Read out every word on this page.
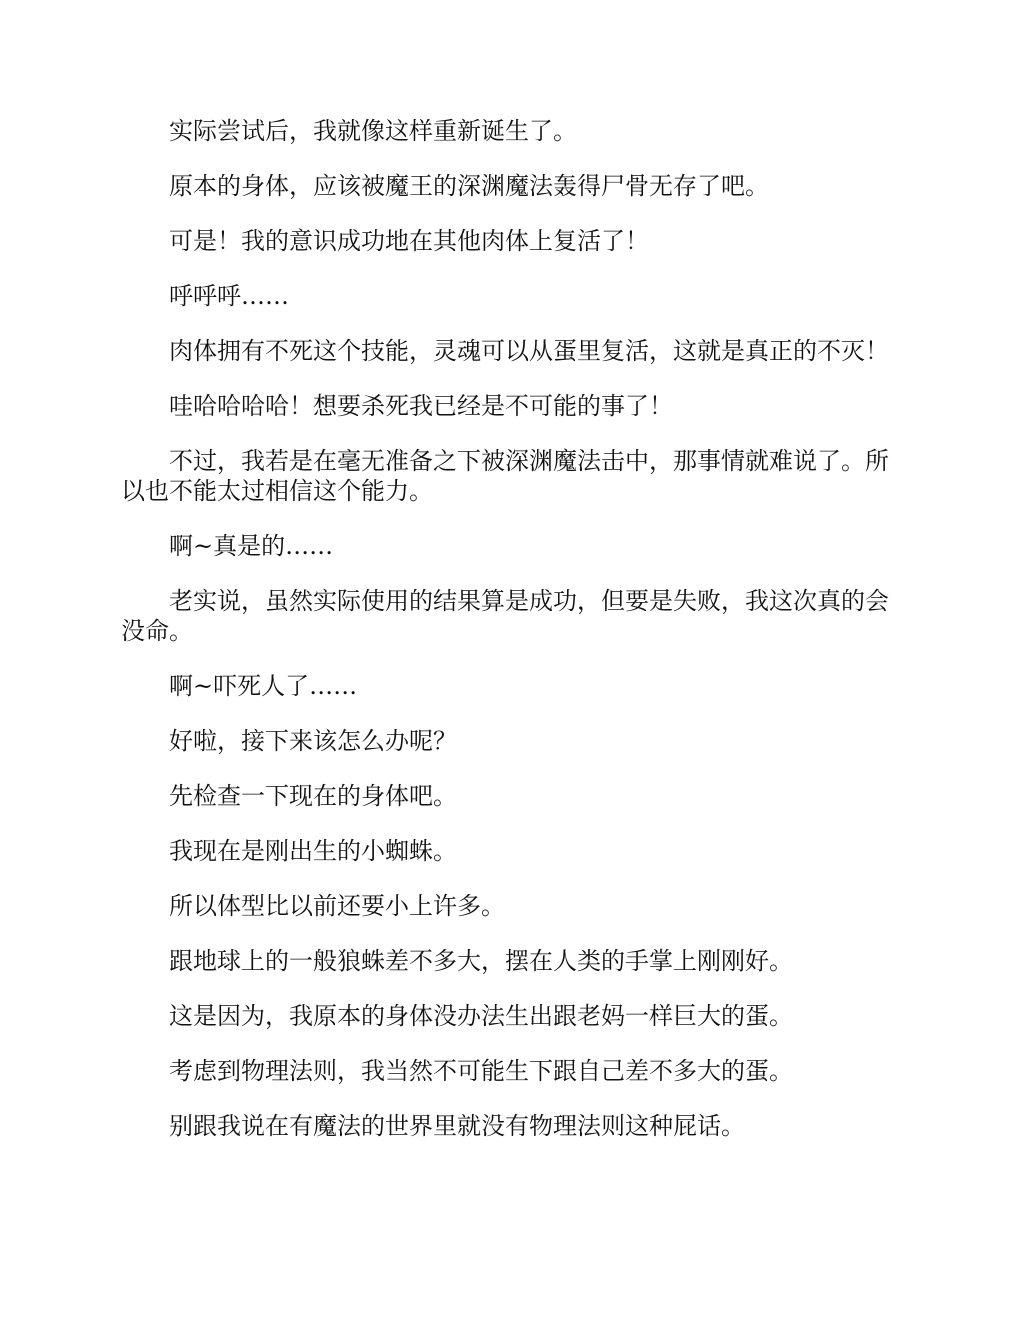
实际尝试后，我就像这样重新诞生了。

原本的身体，应该被魔王的深渊魔法轰得尸骨无存了吧。

可是！我的意识成功地在其他肉体上复活了！

呼呼呼……

肉体拥有不死这个技能，灵魂可以从蛋里复活，这就是真正的不灭！

哇哈哈哈哈！想要杀死我已经是不可能的事了！

不过，我若是在毫无准备之下被深渊魔法击中，那事情就难说了。所以也不能太过相信这个能力。

啊~真是的……

老实说，虽然实际使用的结果算是成功，但要是失败，我这次真的会没命。

啊~吓死人了……

好啦，接下来该怎么办呢？

先检查一下现在的身体吧。

我现在是刚出生的小蜘蛛。

所以体型比以前还要小上许多。

跟地球上的一般狼蛛差不多大，摆在人类的手掌上刚刚好。

这是因为，我原本的身体没办法生出跟老妈一样巨大的蛋。

考虑到物理法则，我当然不可能生下跟自己差不多大的蛋。

别跟我说在有魔法的世界里就没有物理法则这种屁话。
